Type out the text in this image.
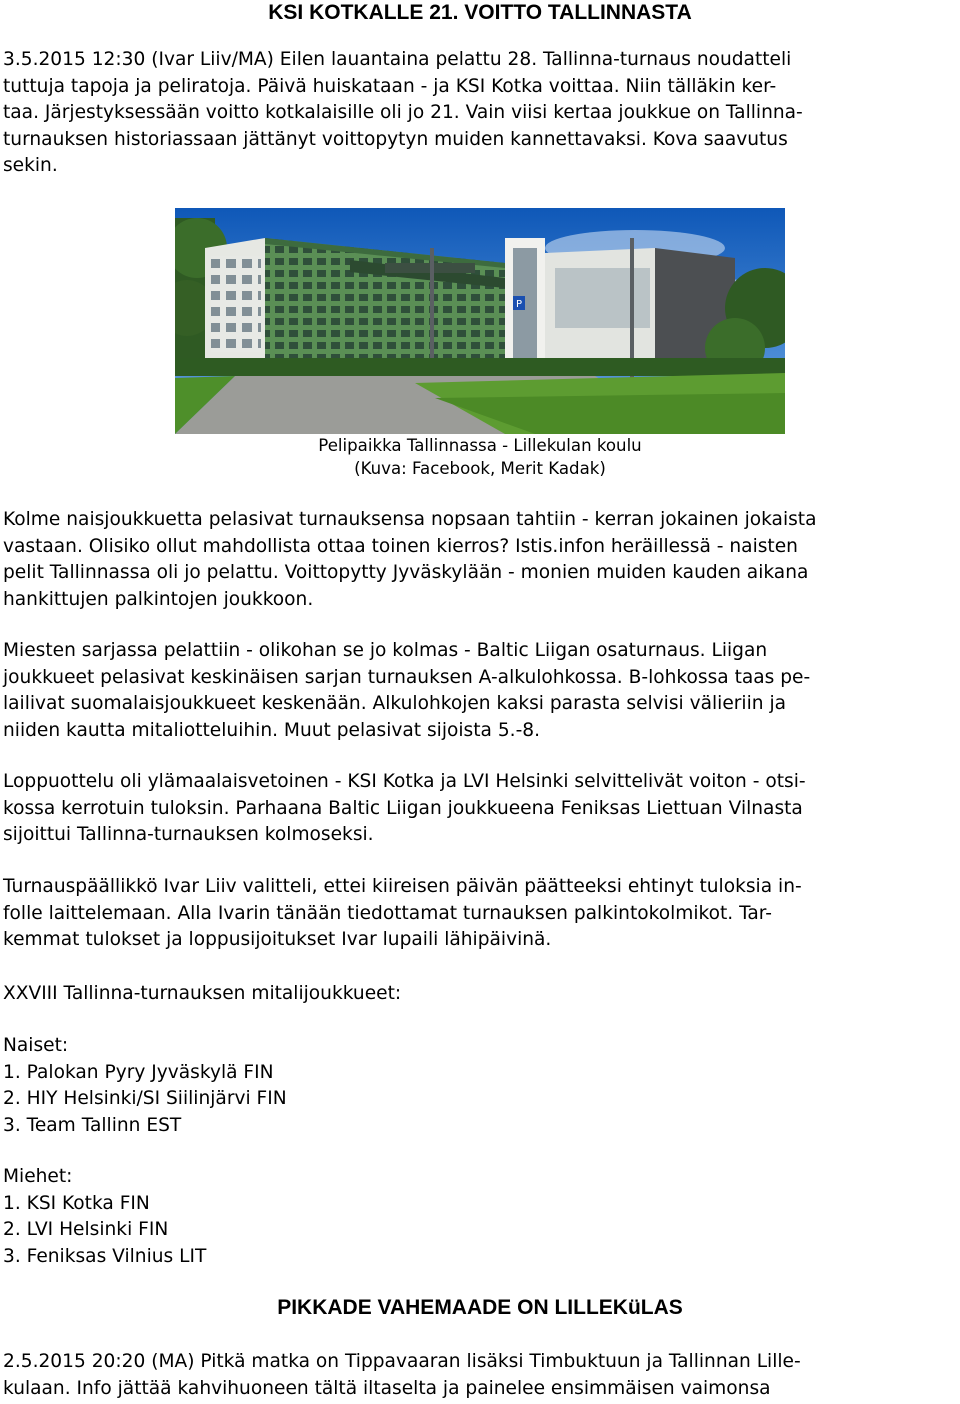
KSI KOTKALLE 21. VOITTO TALLINNASTA
3.5.2015 12:30 (Ivar Liiv/MA) Eilen lauantaina pelattu 28. Tallinna-turnaus noudatteli
tuttuja tapoja ja peliratoja. Päivä huiskataan - ja KSI Kotka voittaa. Niin tälläkin ker-
taa. Järjestyksessään voitto kotkalaisille oli jo 21. Vain viisi kertaa joukkue on Tallinna-
turnauksen historiassaan jättänyt voittopytyn muiden kannettavaksi. Kova saavutus
sekin.
P

Pelipaikka Tallinnassa - Lillekulan koulu

(Kuva: Facebook, Merit Kadak)

Kolme naisjoukkuetta pelasivat turnauksensa nopsaan tahtiin - kerran jokainen jokaista
vastaan. Olisiko ollut mahdollista ottaa toinen kierros? Istis.infon heräillessä - naisten
pelit Tallinnassa oli jo pelattu. Voittopytty Jyväskylään - monien muiden kauden aikana
hankittujen palkintojen joukkoon.
Miesten sarjassa pelattiin - olikohan se jo kolmas - Baltic Liigan osaturnaus. Liigan
joukkueet pelasivat keskinäisen sarjan turnauksen A-alkulohkossa. B-lohkossa taas pe-
lailivat suomalaisjoukkueet keskenään. Alkulohkojen kaksi parasta selvisi välieriin ja
niiden kautta mitaliotteluihin. Muut pelasivat sijoista 5.-8.
Loppuottelu oli ylämaalaisvetoinen - KSI Kotka ja LVI Helsinki selvittelivät voiton - otsi-
kossa kerrotuin tuloksin. Parhaana Baltic Liigan joukkueena Feniksas Liettuan Vilnasta
sijoittui Tallinna-turnauksen kolmoseksi.
Turnauspäällikkö Ivar Liiv valitteli, ettei kiireisen päivän päätteeksi ehtinyt tuloksia in-
folle laittelemaan. Alla Ivarin tänään tiedottamat turnauksen palkintokolmikot. Tar-
kemmat tulokset ja loppusijoitukset Ivar lupaili lähipäivinä.
XXVIII Tallinna-turnauksen mitalijoukkueet:
Naiset:
1. Palokan Pyry Jyväskylä FIN
2. HIY Helsinki/SI Siilinjärvi FIN
3. Team Tallinn EST
Miehet:
1. KSI Kotka FIN
2. LVI Helsinki FIN
3. Feniksas Vilnius LIT
PIKKADE VAHEMAADE ON LILLEKüLAS
2.5.2015 20:20 (MA) Pitkä matka on Tippavaaran lisäksi Timbuktuun ja Tallinnan Lille-
kulaan. Info jättää kahvihuoneen tältä iltaselta ja painelee ensimmäisen vaimonsa
